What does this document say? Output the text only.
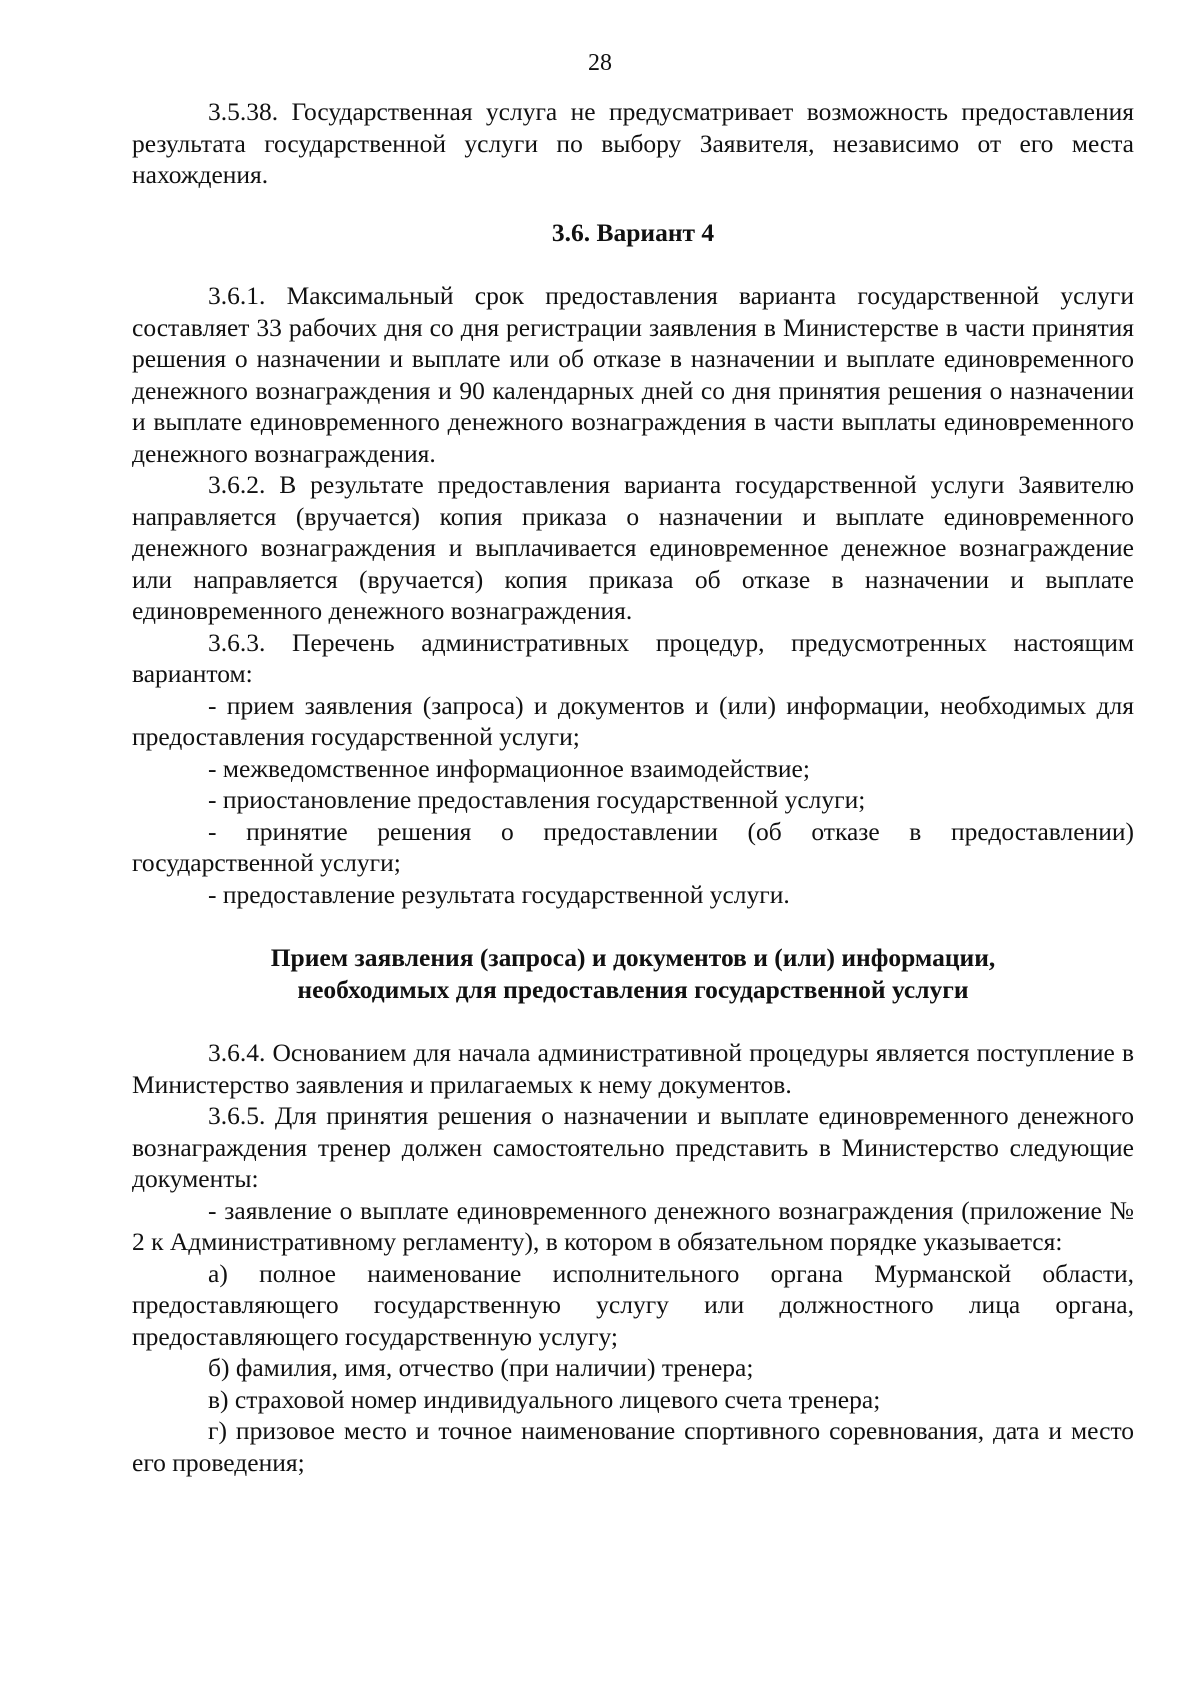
28

3.5.38. Государственная услуга не предусматривает возможность предоставления результата государственной услуги по выбору Заявителя, независимо от его места нахождения.

3.6. Вариант 4

3.6.1. Максимальный срок предоставления варианта государственной услуги составляет 33 рабочих дня со дня регистрации заявления в Министерстве в части принятия решения о назначении и выплате или об отказе в назначении и выплате единовременного денежного вознаграждения и 90 календарных дней со дня принятия решения о назначении и выплате единовременного денежного вознаграждения в части выплаты единовременного денежного вознаграждения.

3.6.2. В результате предоставления варианта государственной услуги Заявителю направляется (вручается) копия приказа о назначении и выплате единовременного денежного вознаграждения и выплачивается единовременное денежное вознаграждение или направляется (вручается) копия приказа об отказе в назначении и выплате единовременного денежного вознаграждения.

3.6.3. Перечень административных процедур, предусмотренных настоящим вариантом:

- прием заявления (запроса) и документов и (или) информации, необходимых для предоставления государственной услуги;

- межведомственное информационное взаимодействие;

- приостановление предоставления государственной услуги;

- принятие решения о предоставлении (об отказе в предоставлении) государственной услуги;

- предоставление результата государственной услуги.

Прием заявления (запроса) и документов и (или) информации,
необходимых для предоставления государственной услуги

3.6.4. Основанием для начала административной процедуры является поступление в Министерство заявления и прилагаемых к нему документов.

3.6.5. Для принятия решения о назначении и выплате единовременного денежного вознаграждения тренер должен самостоятельно представить в Министерство следующие документы:

- заявление о выплате единовременного денежного вознаграждения (приложение № 2 к Административному регламенту), в котором в обязательном порядке указывается:

а) полное наименование исполнительного органа Мурманской области, предоставляющего государственную услугу или должностного лица органа, предоставляющего государственную услугу;

б) фамилия, имя, отчество (при наличии) тренера;

в) страховой номер индивидуального лицевого счета тренера;

г) призовое место и точное наименование спортивного соревнования, дата и место его проведения;
